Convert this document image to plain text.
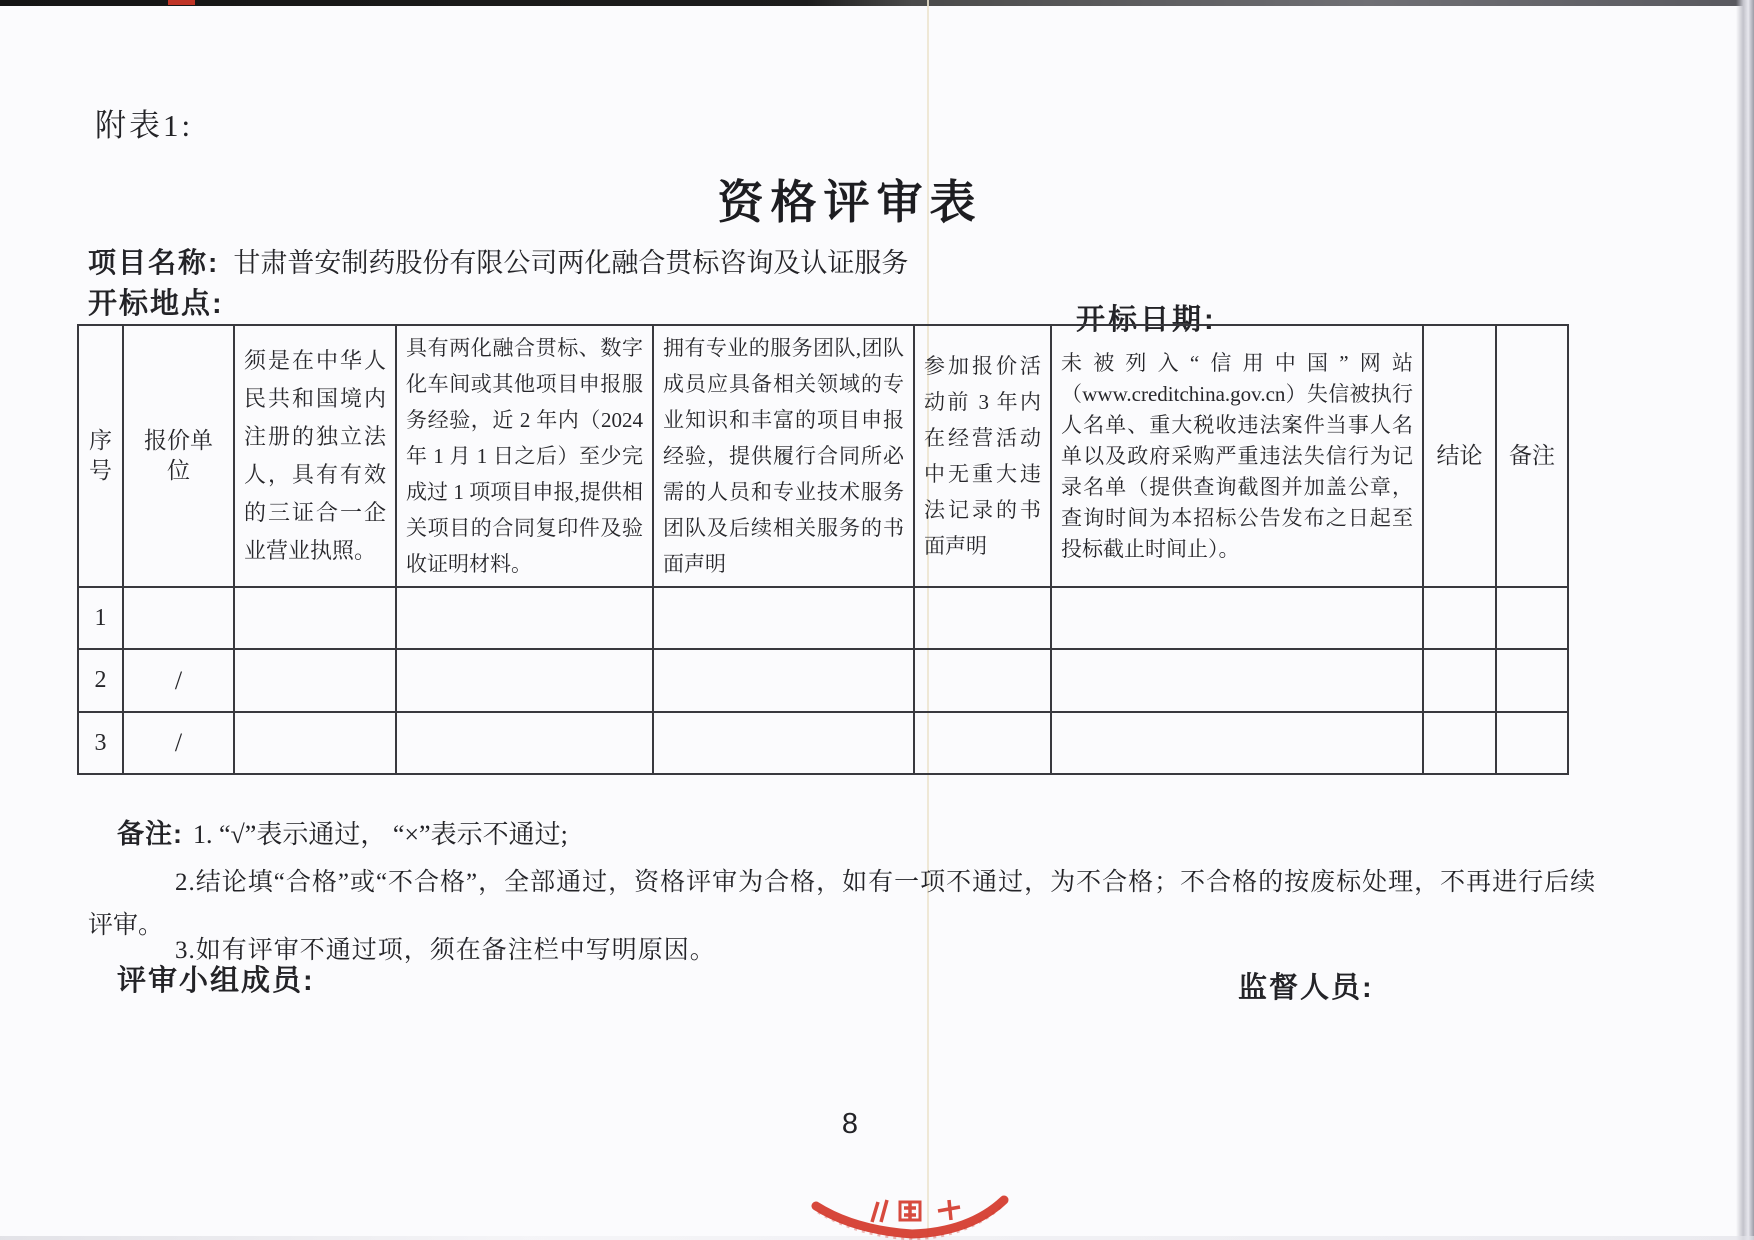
附表1:
资格评审表
项目名称: 甘肃普安制药股份有限公司两化融合贯标咨询及认证服务
开标地点:	开标日期:
序号	报价单位	须是在中华人民共和国境内注册的独立法人，具有有效的三证合一企业营业执照。	具有两化融合贯标、数字化车间或其他项目申报服务经验，近 2 年内（2024 年 1 月 1 日之后）至少完成过 1 项项目申报,提供相关项目的合同复印件及验收证明材料。	拥有专业的服务团队,团队成员应具备相关领域的专业知识和丰富的项目申报经验，提供履行合同所必需的人员和专业技术服务团队及后续相关服务的书面声明	参加报价活动前 3 年内在经营活动中无重大违法记录的书面声明	未被列入“信用中国”网站（www.creditchina.gov.cn）失信被执行人名单、重大税收违法案件当事人名单以及政府采购严重违法失信行为记录名单（提供查询截图并加盖公章，查询时间为本招标公告发布之日起至投标截止时间止）。	结论	备注
1								
2	/							
3	/							
备注: 1. “√”表示通过， “×”表示不通过;
2.结论填“合格”或“不合格”，全部通过，资格评审为合格，如有一项不通过，为不合格；不合格的按废标处理，不再进行后续
评审。
3.如有评审不通过项，须在备注栏中写明原因。
评审小组成员:	监督人员:
8
